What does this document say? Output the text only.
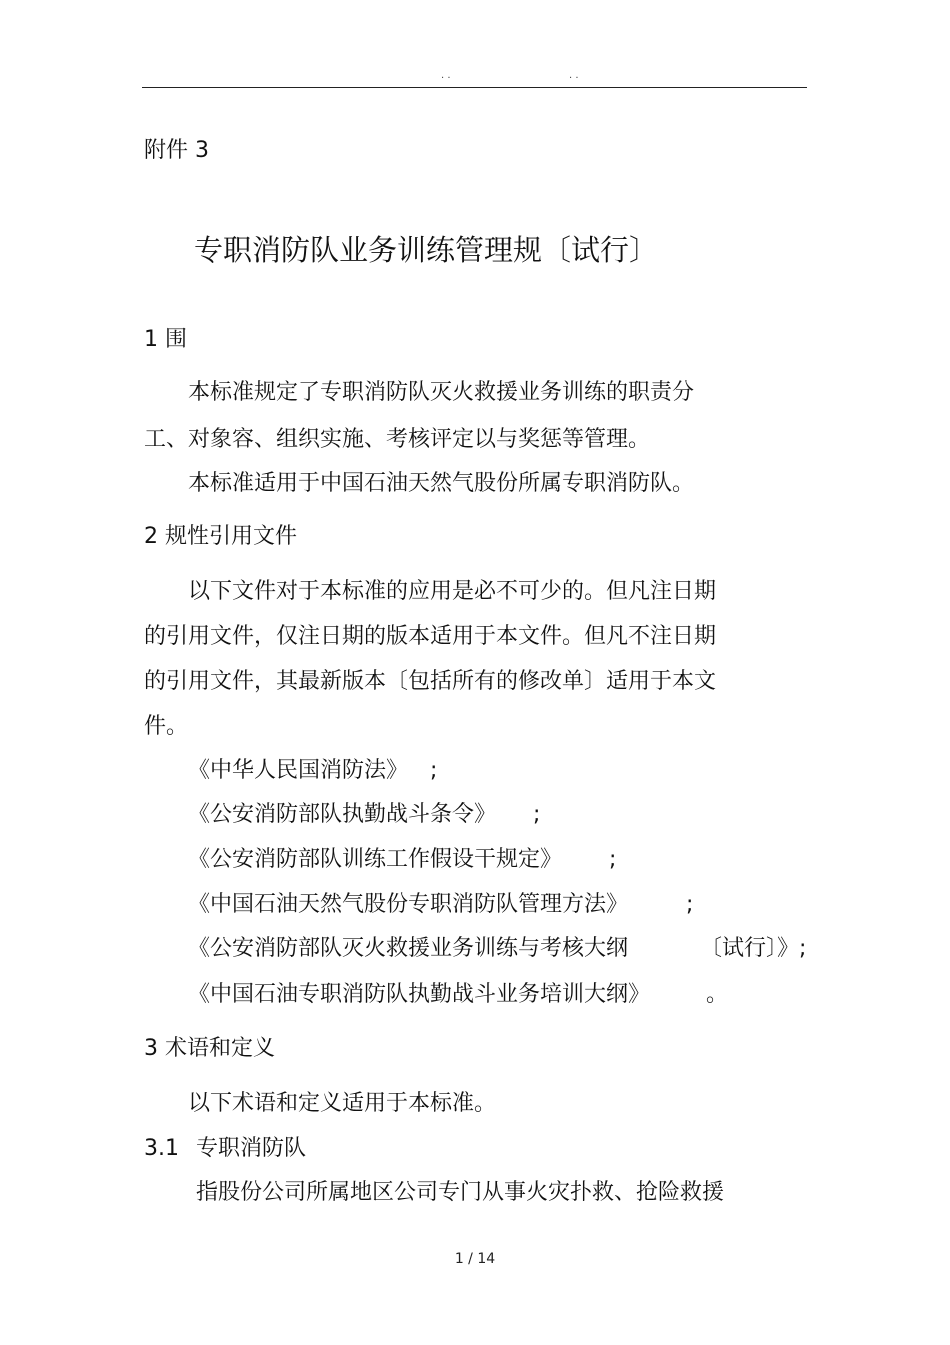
. .	. .
附件 3
专职消防队业务训练管理规〔试行〕
1 围
本标准规定了专职消防队灭火救援业务训练的职责分
工、对象容、组织实施、考核评定以与奖惩等管理。
本标准适用于中国石油天然气股份所属专职消防队。
2 规性引用文件
以下文件对于本标准的应用是必不可少的。但凡注日期
的引用文件，仅注日期的版本适用于本文件。但凡不注日期
的引用文件，其最新版本〔包括所有的修改单〕适用于本文
件。
《中华人民国消防法》 ;
《公安消防部队执勤战斗条令》 ;
《公安消防部队训练工作假设干规定》 ;
《中国石油天然气股份专职消防队管理方法》	;
《公安消防部队灭火救援业务训练与考核大纲	〔试行〕》;
《中国石油专职消防队执勤战斗业务培训大纲》	。
3 术语和定义
以下术语和定义适用于本标准。
3.1 专职消防队
指股份公司所属地区公司专门从事火灾扑救、抢险救援
1 / 14
